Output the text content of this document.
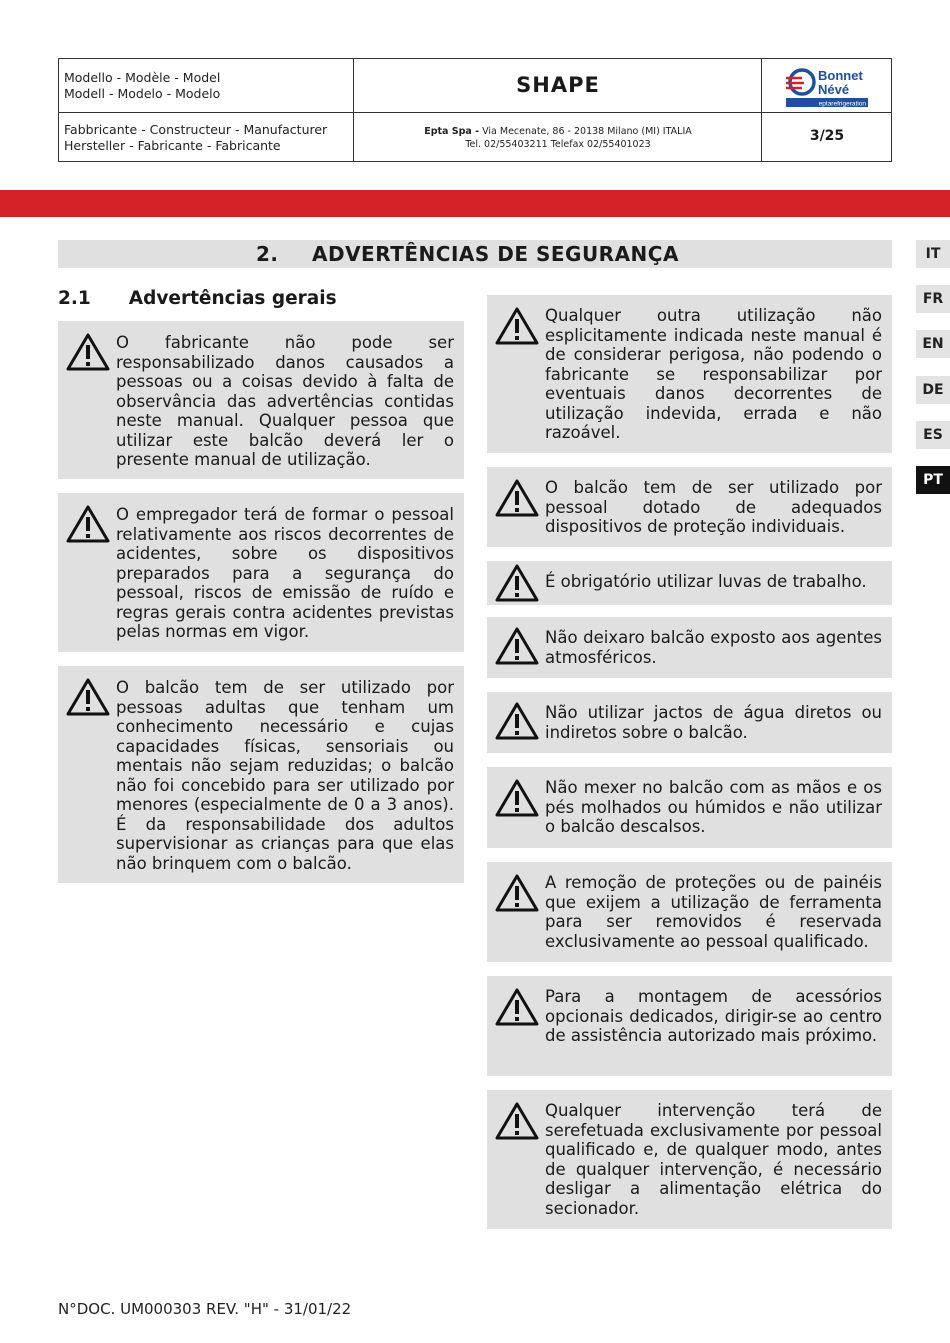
Modello - Modèle - Model
Modell - Modelo - Modelo	SHAPE	Bonnet
Névé
eptarefrigeration
Fabbricante - Constructeur - Manufacturer
Hersteller - Fabricante - Fabricante
Epta Spa - Via Mecenate, 86 - 20138 Milano (MI) ITALIA
Tel. 02/55403211 Telefax 02/55401023
3/25
2. ADVERTÊNCIAS DE SEGURANÇA
2.1 Advertências gerais
IT
FR
EN
DE
ES
PT
O fabricante não pode ser responsabilizado danos causados a pessoas ou a coisas devido à falta de observância das advertências contidas neste manual. Qualquer pessoa que utilizar este balcão deverá ler o presente manual de utilização.
O empregador terá de formar o pessoal relativamente aos riscos decorrentes de acidentes, sobre os dispositivos preparados para a segurança do pessoal, riscos de emissão de ruído e regras gerais contra acidentes previstas pelas normas em vigor.
O balcão tem de ser utilizado por pessoas adultas que tenham um conhecimento necessário e cujas capacidades físicas, sensoriais ou mentais não sejam reduzidas; o balcão não foi concebido para ser utilizado por menores (especialmente de 0 a 3 anos). É da responsabilidade dos adultos supervisionar as crianças para que elas não brinquem com o balcão.
Qualquer outra utilização não esplicitamente indicada neste manual é de considerar perigosa, não podendo o fabricante se responsabilizar por eventuais danos decorrentes de utilização indevida, errada e não razoável.
O balcão tem de ser utilizado por pessoal dotado de adequados dispositivos de proteção individuais.
É obrigatório utilizar luvas de trabalho.
Não deixaro balcão exposto aos agentes atmosféricos.
Não utilizar jactos de água diretos ou indiretos sobre o balcão.
Não mexer no balcão com as mãos e os pés molhados ou húmidos e não utilizar o balcão descalsos.
A remoção de proteções ou de painéis que exijem a utilização de ferramenta para ser removidos é reservada exclusivamente ao pessoal qualificado.
Para a montagem de acessórios opcionais dedicados, dirigir-se ao centro de assistência autorizado mais próximo.
Qualquer intervenção terá de serefetuada exclusivamente por pessoal qualificado e, de qualquer modo, antes de qualquer intervenção, é necessário desligar a alimentação elétrica do secionador.
N°DOC. UM000303 REV. "H" - 31/01/22
